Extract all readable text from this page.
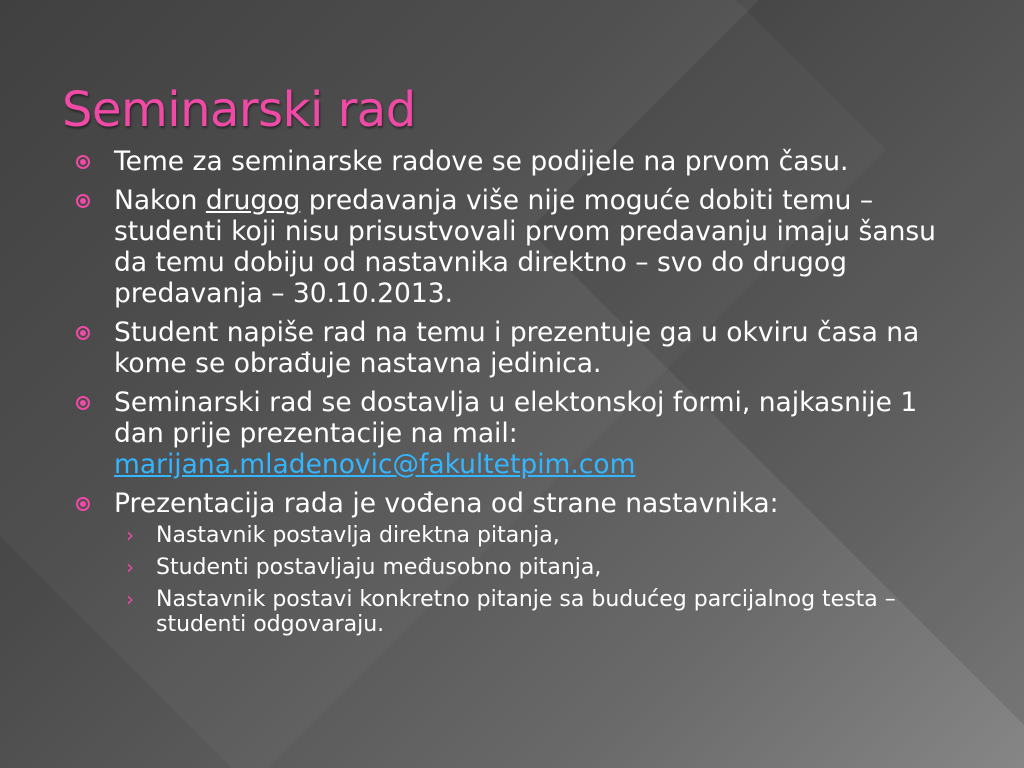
Seminarski rad
Teme za seminarske radove se podijele na prvom času.
Nakon drugog predavanja više nije moguće dobiti temu – studenti koji nisu prisustvovali prvom predavanju imaju šansu da temu dobiju od nastavnika direktno – svo do drugog predavanja – 30.10.2013.
Student napiše rad na temu i prezentuje ga u okviru časa na kome se obrađuje nastavna jedinica.
Seminarski rad se dostavlja u elektonskoj formi, najkasnije 1 dan prije prezentacije na mail: marijana.mladenovic@fakultetpim.com
Prezentacija rada je vođena od strane nastavnika:
› Nastavnik postavlja direktna pitanja,
› Studenti postavljaju međusobno pitanja,
› Nastavnik postavi konkretno pitanje sa budućeg parcijalnog testa – studenti odgovaraju.
